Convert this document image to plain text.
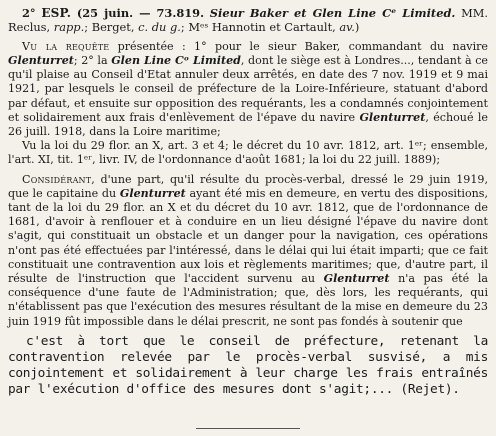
2° ESP. (25 juin. — 73.819. Sieur Baker et Glen Line Cᵉ Limited. MM. Reclus, rapp.; Berget, c. du g.; Mᵉˢ Hannotin et Cartault, av.)

Vu la requête présentée : 1° pour le sieur Baker, commandant du navire Glenturret; 2° la Glen Line Cᵒ Limited, dont le siège est à Londres..., tendant à ce qu'il plaise au Conseil d'Etat annuler deux arrêtés, en date des 7 nov. 1919 et 9 mai 1921, par lesquels le conseil de préfecture de la Loire-Inférieure, statuant d'abord par défaut, et ensuite sur opposition des requérants, les a condamnés conjointement et solidairement aux frais d'enlèvement de l'épave du navire Glenturret, échoué le 26 juill. 1918, dans la Loire maritime;

Vu la loi du 29 flor. an X, art. 3 et 4; le décret du 10 avr. 1812, art. 1ᵉʳ; ensemble, l'art. XI, tit. 1ᵉʳ, livr. IV, de l'ordonnance d'août 1681; la loi du 22 juill. 1889);

Considérant, d'une part, qu'il résulte du procès-verbal, dressé le 29 juin 1919, que le capitaine du Glenturret ayant été mis en demeure, en vertu des dispositions, tant de la loi du 29 flor. an X et du décret du 10 avr. 1812, que de l'ordonnance de 1681, d'avoir à renflouer et à conduire en un lieu désigné l'épave du navire dont s'agit, qui constituait un obstacle et un danger pour la navigation, ces opérations n'ont pas été effectuées par l'intéressé, dans le délai qui lui était imparti; que ce fait constituait une contravention aux lois et règlements maritimes; que, d'autre part, il résulte de l'instruction que l'accident survenu au Glenturret n'a pas été la conséquence d'une faute de l'Administration; que, dès lors, les requérants, qui n'établissent pas que l'exécution des mesures résultant de la mise en demeure du 23 juin 1919 fût impossible dans le délai prescrit, ne sont pas fondés à soutenir que

c'est à tort que le conseil de préfecture, retenant la contravention relevée par le procès-verbal susvisé, a mis conjointement et solidairement à leur charge les frais entraînés par l'exécution d'office des mesures dont s'agit;... (Rejet).
